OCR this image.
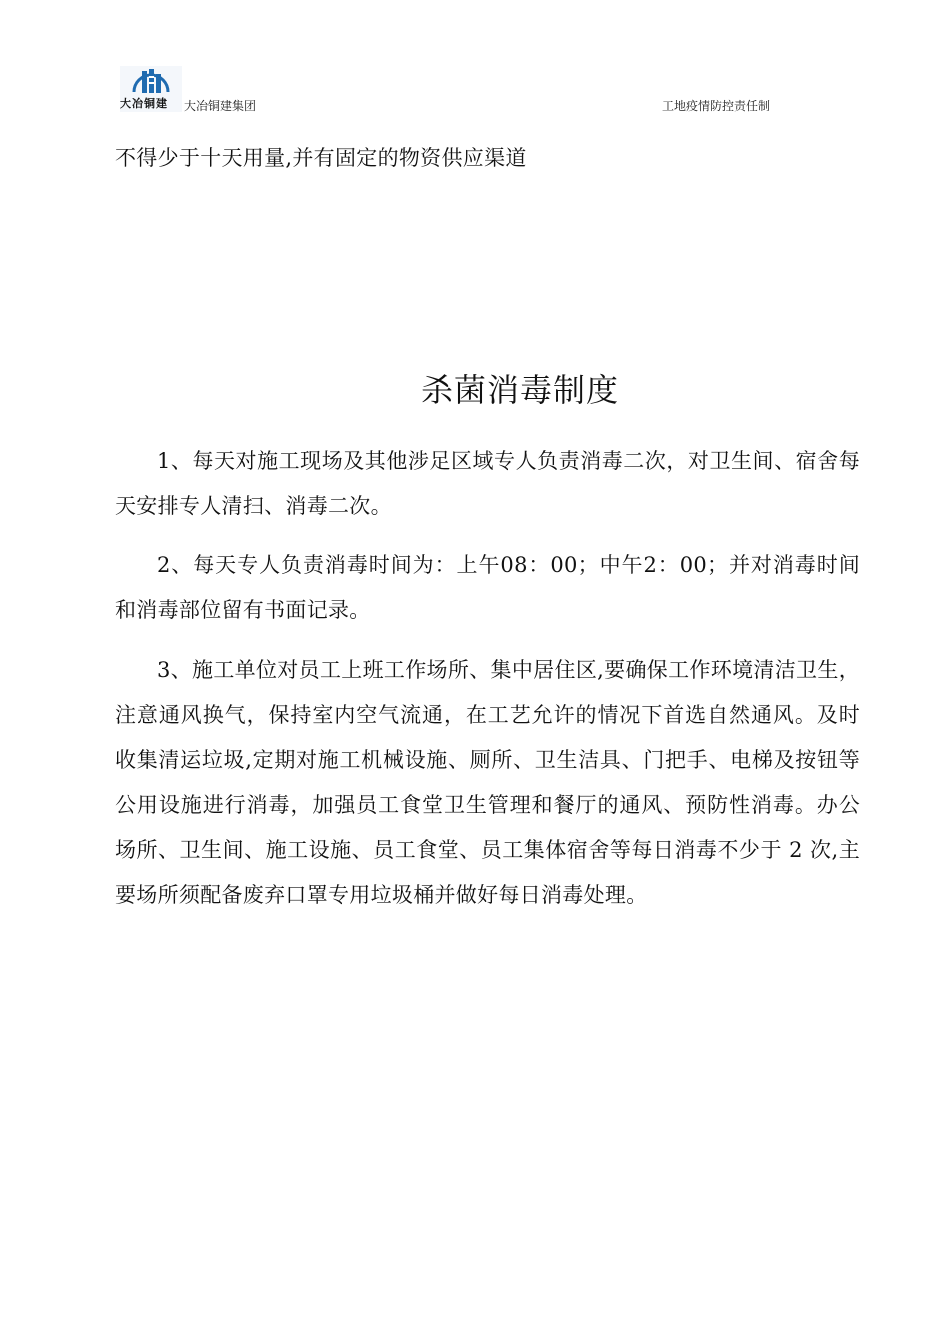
大冶铜建	大冶铜建集团	工地疫情防控责任制
不得少于十天用量,并有固定的物资供应渠道
杀菌消毒制度

1、每天对施工现场及其他涉足区域专人负责消毒二次，对卫生间、宿舍每天安排专人清扫、消毒二次。

2、每天专人负责消毒时间为：上午08：00；中午2：00；并对消毒时间和消毒部位留有书面记录。

3、施工单位对员工上班工作场所、集中居住区,要确保工作环境清洁卫生，注意通风换气，保持室内空气流通，在工艺允许的情况下首选自然通风。及时收集清运垃圾,定期对施工机械设施、厕所、卫生洁具、门把手、电梯及按钮等公用设施进行消毒，加强员工食堂卫生管理和餐厅的通风、预防性消毒。办公场所、卫生间、施工设施、员工食堂、员工集体宿舍等每日消毒不少于 2 次,主要场所须配备废弃口罩专用垃圾桶并做好每日消毒处理。
